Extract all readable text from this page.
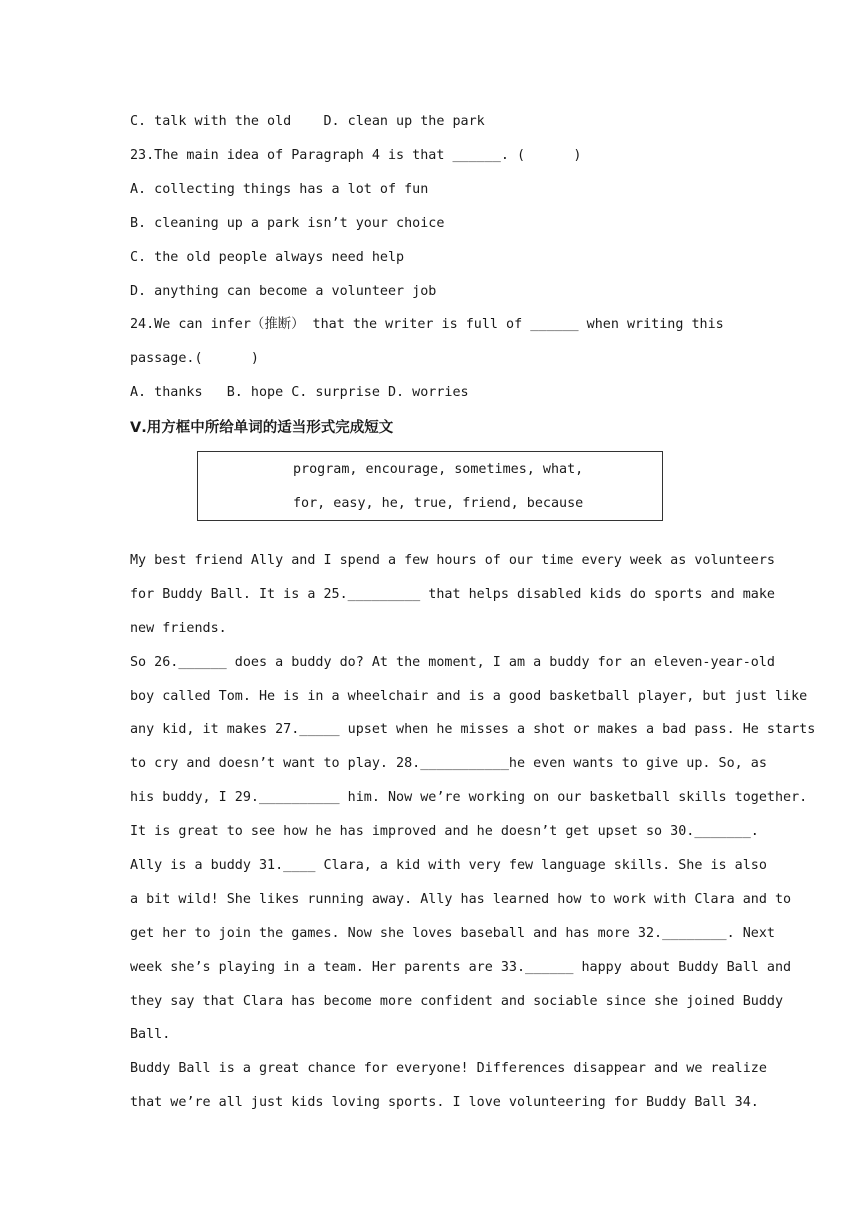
C. talk with the old    D. clean up the park
23.The main idea of Paragraph 4 is that ______. (      )
A. collecting things has a lot of fun
B. cleaning up a park isn’t your choice
C. the old people always need help
D. anything can become a volunteer job
24.We can infer（推断） that the writer is full of ______ when writing this
passage.(      )
A. thanks   B. hope C. surprise D. worries
Ⅴ.用方框中所给单词的适当形式完成短文
program, encourage, sometimes, what,
for, easy, he, true, friend, because
My best friend Ally and I spend a few hours of our time every week as volunteers
for Buddy Ball. It is a 25._________ that helps disabled kids do sports and make
new friends.
So 26.______ does a buddy do? At the moment, I am a buddy for an eleven-year-old
boy called Tom. He is in a wheelchair and is a good basketball player, but just like
any kid, it makes 27._____ upset when he misses a shot or makes a bad pass. He starts
to cry and doesn’t want to play. 28.___________he even wants to give up. So, as
his buddy, I 29.__________ him. Now we’re working on our basketball skills together.
It is great to see how he has improved and he doesn’t get upset so 30._______.
Ally is a buddy 31.____ Clara, a kid with very few language skills. She is also
a bit wild! She likes running away. Ally has learned how to work with Clara and to
get her to join the games. Now she loves baseball and has more 32.________. Next
week she’s playing in a team. Her parents are 33.______ happy about Buddy Ball and
they say that Clara has become more confident and sociable since she joined Buddy
Ball.
Buddy Ball is a great chance for everyone! Differences disappear and we realize
that we’re all just kids loving sports. I love volunteering for Buddy Ball 34.
